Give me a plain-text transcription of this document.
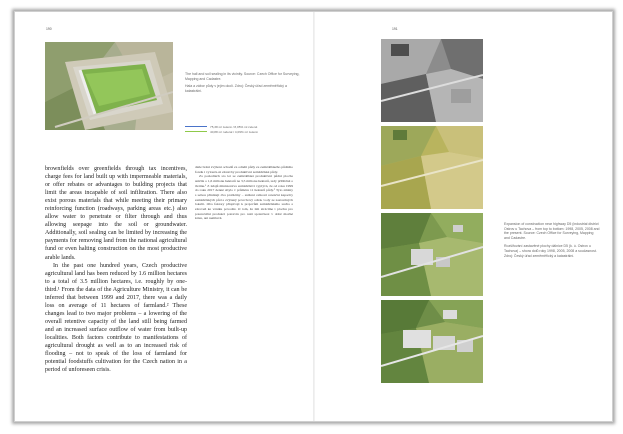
190	191

The hall and soil sealing in its vicinity. Source: Czech Office for Surveying, Mapping and Cadastre.

Hala a zábor půdy v jejím okolí. Zdroj: Český úřad zeměměřický a katastrální.

75,38 ml zeleně / 8,05% ml zeleně
40,88 ml ruderal / 4,09% ml zeleně

brownfields over greenfields through tax incentives, charge fees for land built up with impermeable materials, or offer rebates or advantages to building projects that limit the areas incapable of soil infiltration. There also exist porous materials that while meeting their primary reinforcing function (roadways, parking areas etc.) also allow water to penetrate or filter through and thus allowing seepage into the soil or groundwater. Additionally, soil sealing can be limited by increasing the payments for removing land from the national agricultural fund or even halting construction on the most productive arable lands.

In the past one hundred years, Czech productive agricultural land has been reduced by 1.6 million hectares to a total of 3.5 million hectares, i.e. roughly by one-third.¹ From the data of the Agriculture Ministry, it can be inferred that between 1999 and 2017, there was a daily loss on average of 11 hectares of farmland.² These changes lead to two major problems – a lowering of the overall retentive capacity of the land still being farmed and an increased surface outflow of water from built-up localities. Both factors contribute to manifestations of agricultural drought as well as to an increased risk of flooding – not to speak of the loss of farmland for potential foodstuffs cultivation for the Czech nation in a period of unforeseen crisis.

daňe brání zvýšení ochodů za odnětí půdy ze zemědělského půdního fondu i vylouče-ní zástavby produktivní zemědělské půdy.

Za posledních sto let se zemědělská produktivní půdní plocha snížila o 1,6 milionu hektarů na 3,5 milionu hektarů, tedy přibližně o třetinu.¹ Z údajů ministerstva zemědělství vyplývá, že od roku 1999 do roku 2017 denně ubylo v průměru 11 hektarů půdy.² Tyto změny s sebou přinášejí dva problémy – snížení celkové retenční kapacity zemědělských půd a zvýšený povrchový odtok vody ze zastavěných lokalit. Oba faktory přispívají k projevům zemědělského sucha a zároveň ke vzniku povodní. O tom, že tím ztrácíme i plochu pro potenciální produkci potravin pro naši společnost v době možné krize, ani nemluvě.

Expansion of construction near highway D5 (industrial district Ostrov u Tachova – from top to bottom: 1998, 2005, 2008 and the present. Source: Czech Office for Surveying, Mapping and Cadastre.

Rozšiřování zastavěné plochy dálnice D5 (k. ú. Ostrov u Tachova) – shora dolů roky 1998, 2005, 2008 a současnost. Zdroj: Český úřad zeměměřický a katastrální.
